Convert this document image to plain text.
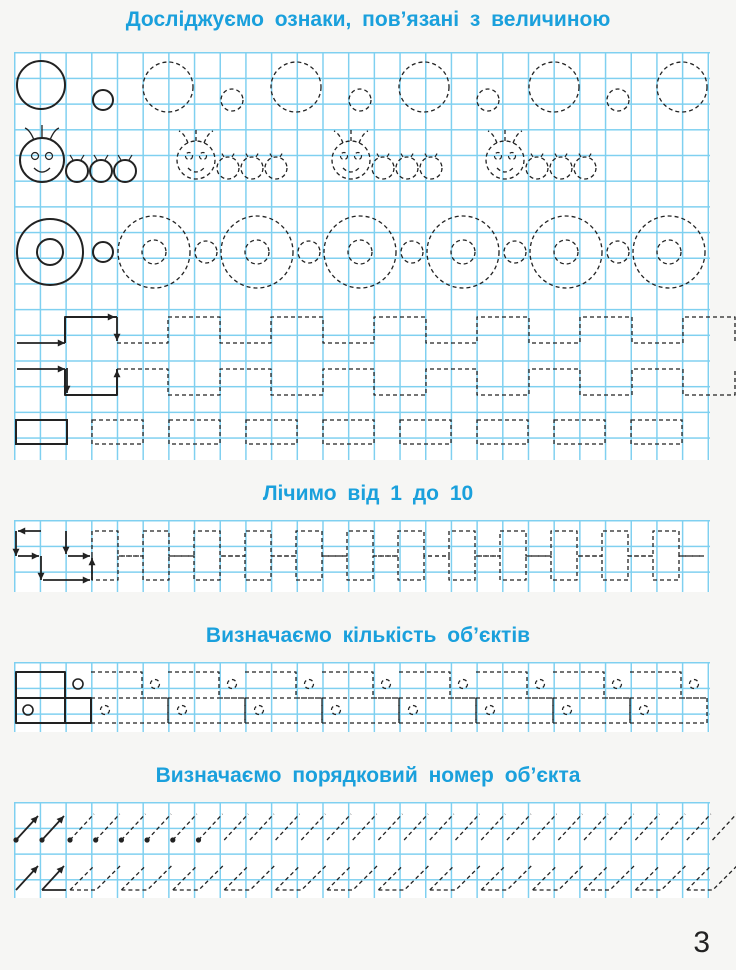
Досліджуємо ознаки, пов’язані з величиною
Лічимо від 1 до 10
Визначаємо кількість об’єктів
Визначаємо порядковий номер об’єкта
3
